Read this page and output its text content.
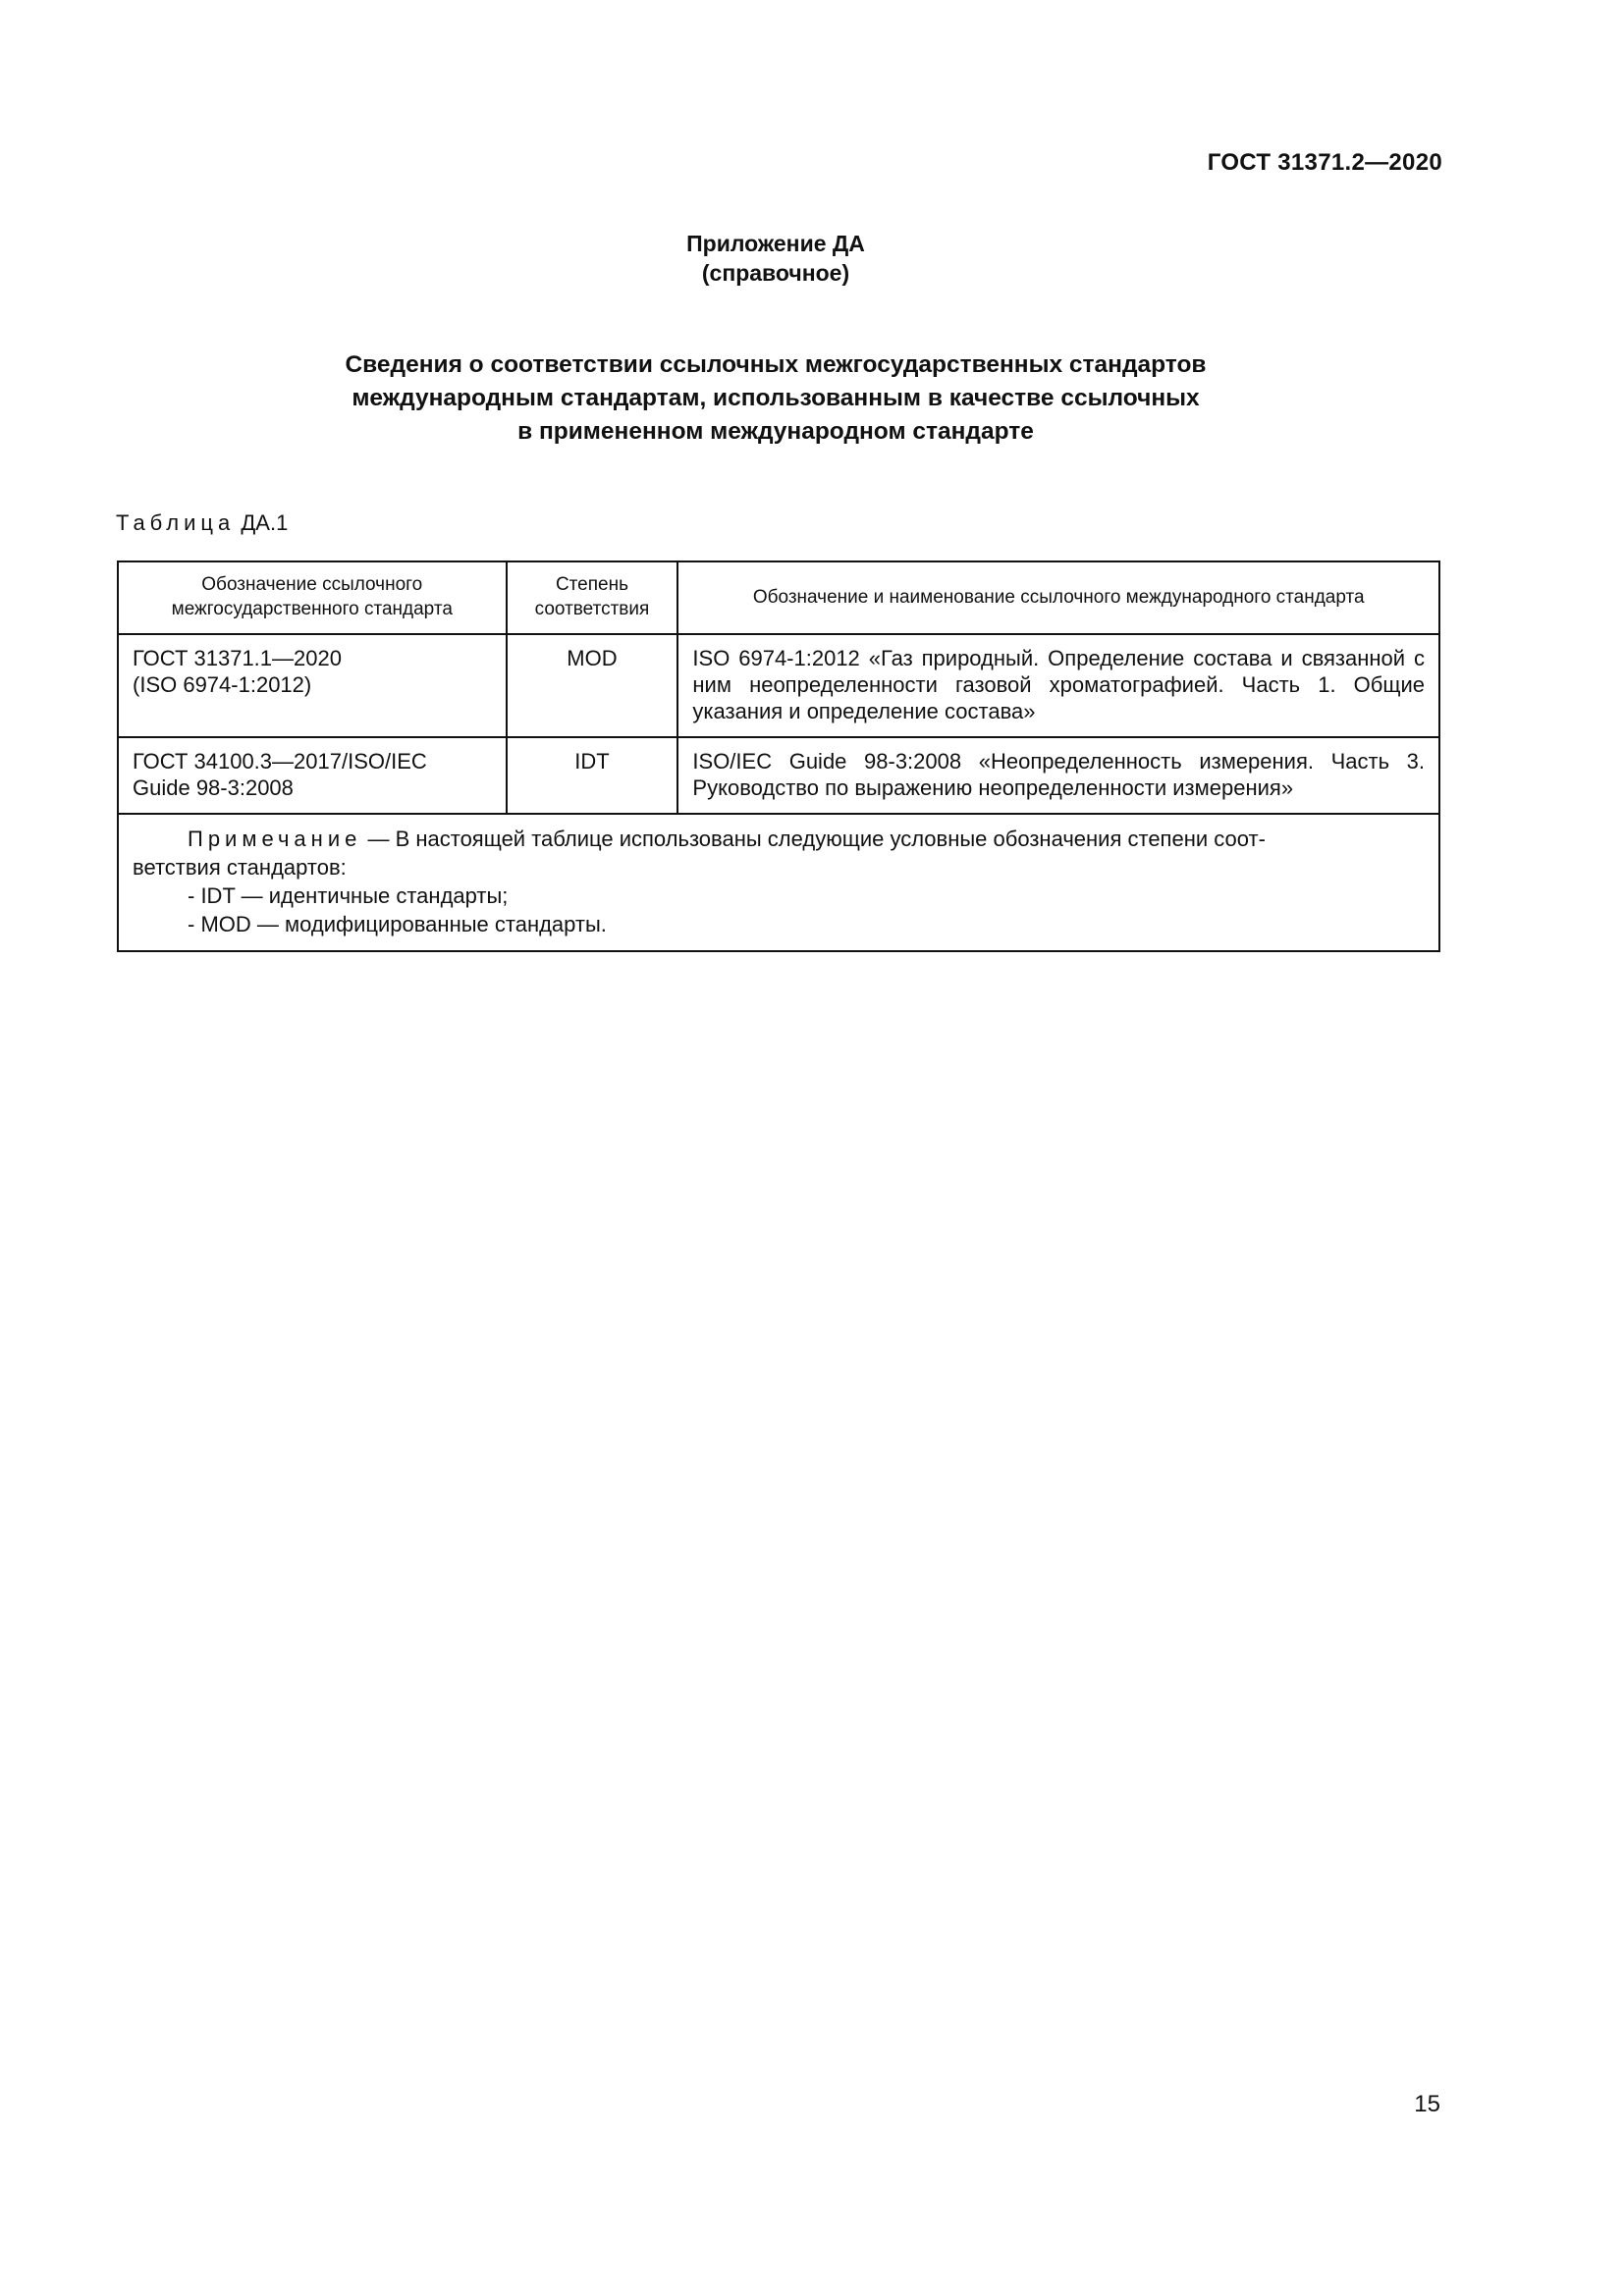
ГОСТ 31371.2—2020
Приложение ДА
(справочное)
Сведения о соответствии ссылочных межгосударственных стандартов
международным стандартам, использованным в качестве ссылочных
в примененном международном стандарте
Таблица ДА.1
Обозначение ссылочного межгосударственного стандарта	Степень соответствия	Обозначение и наименование ссылочного международного стандарта

ГОСТ 31371.1—2020
(ISO 6974-1:2012)	MOD	ISO 6974-1:2012 «Газ природный. Определение состава и связанной с ним неопределенности газовой хроматографией. Часть 1. Общие указания и определение состава»

ГОСТ 34100.3—2017/ISO/IEC
Guide 98-3:2008	IDT	ISO/IEC Guide 98-3:2008 «Неопределенность измерения. Часть 3. Руководство по выражению неопределенности измерения»

Примечание — В настоящей таблице использованы следующие условные обозначения степени соот-
ветствия стандартов:
- IDT — идентичные стандарты;
- MOD — модифицированные стандарты.		
15
